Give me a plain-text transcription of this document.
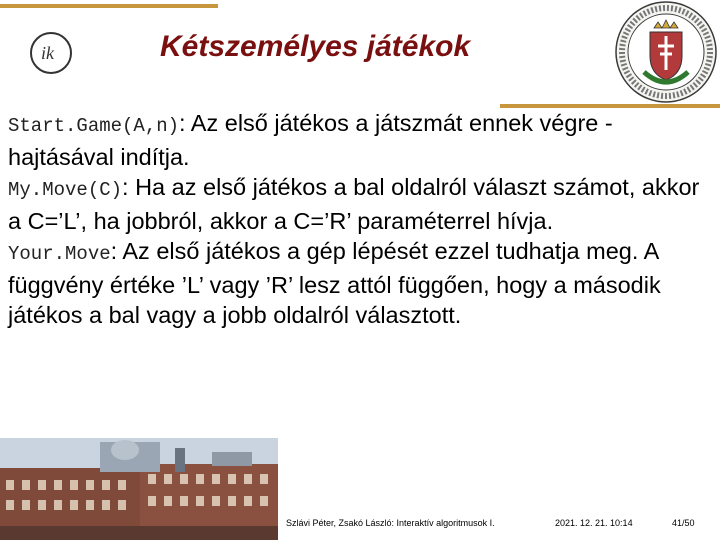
ik	Kétszemélyes játékok

Start.Game(A,n): Az első játékos a játszmát ennek végre -hajtásával indítja.

My.Move(C): Ha az első játékos a bal oldalról választ számot, akkor a C=’L’, ha jobbról, akkor a C=’R’ paraméterrel hívja.

Your.Move: Az első játékos a gép lépését ezzel tudhatja meg. A függvény értéke ’L’ vagy ’R’ lesz attól függően, hogy a második játékos a bal vagy a jobb oldalról választott.

Szlávi Péter, Zsakó László: Interaktív algoritmusok I.	2021. 12. 21. 10:14	41/50
